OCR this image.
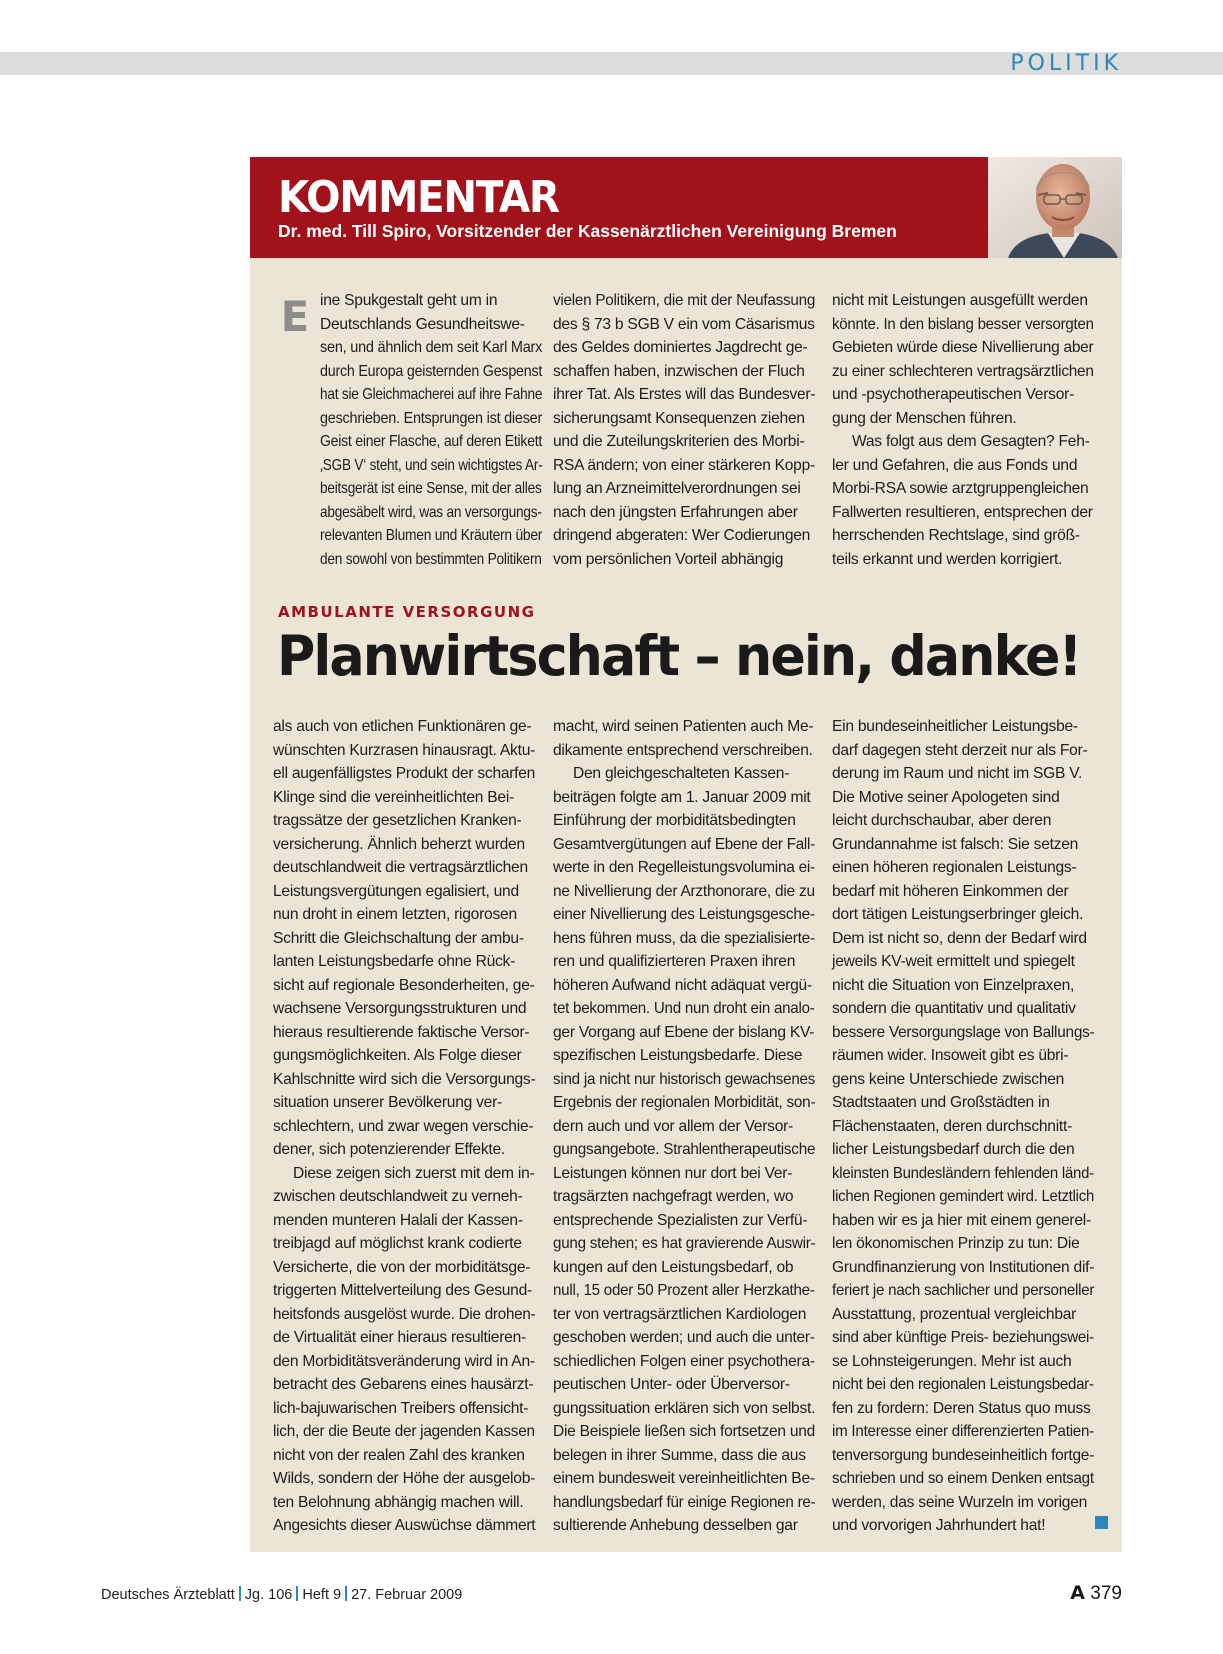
POLITIK
KOMMENTAR
Dr. med. Till Spiro, Vorsitzender der Kassenärztlichen Vereinigung Bremen
E ine Spukgestalt geht um in
Deutschlands Gesundheitswe-
sen, und ähnlich dem seit Karl Marx
durch Europa geisternden Gespenst
hat sie Gleichmacherei auf ihre Fahne
geschrieben. Entsprungen ist dieser
Geist einer Flasche, auf deren Etikett
‚SGB V‘ steht, und sein wichtigstes Ar-
beitsgerät ist eine Sense, mit der alles
abgesäbelt wird, was an versorgungs-
relevanten Blumen und Kräutern über
den sowohl von bestimmten Politikern
vielen Politikern, die mit der Neufassung
des § 73 b SGB V ein vom Cäsarismus
des Geldes dominiertes Jagdrecht ge-
schaffen haben, inzwischen der Fluch
ihrer Tat. Als Erstes will das Bundesver-
sicherungsamt Konsequenzen ziehen
und die Zuteilungskriterien des Morbi-
RSA ändern; von einer stärkeren Kopp-
lung an Arzneimittelverordnungen sei
nach den jüngsten Erfahrungen aber
dringend abgeraten: Wer Codierungen
vom persönlichen Vorteil abhängig
nicht mit Leistungen ausgefüllt werden
könnte. In den bislang besser versorgten
Gebieten würde diese Nivellierung aber
zu einer schlechteren vertragsärztlichen
und -psychotherapeutischen Versor-
gung der Menschen führen.
Was folgt aus dem Gesagten? Feh-
ler und Gefahren, die aus Fonds und
Morbi-RSA sowie arztgruppengleichen
Fallwerten resultieren, entsprechen der
herrschenden Rechtslage, sind größ-
teils erkannt und werden korrigiert.
AMBULANTE VERSORGUNG
Planwirtschaft – nein, danke!
als auch von etlichen Funktionären ge-
wünschten Kurzrasen hinausragt. Aktu-
ell augenfälligstes Produkt der scharfen
Klinge sind die vereinheitlichten Bei-
tragssätze der gesetzlichen Kranken-
versicherung. Ähnlich beherzt wurden
deutschlandweit die vertragsärztlichen
Leistungsvergütungen egalisiert, und
nun droht in einem letzten, rigorosen
Schritt die Gleichschaltung der ambu-
lanten Leistungsbedarfe ohne Rück-
sicht auf regionale Besonderheiten, ge-
wachsene Versorgungsstrukturen und
hieraus resultierende faktische Versor-
gungsmöglichkeiten. Als Folge dieser
Kahlschnitte wird sich die Versorgungs-
situation unserer Bevölkerung ver-
schlechtern, und zwar wegen verschie-
dener, sich potenzierender Effekte.
Diese zeigen sich zuerst mit dem in-
zwischen deutschlandweit zu verneh-
menden munteren Halali der Kassen-
treibjagd auf möglichst krank codierte
Versicherte, die von der morbiditätsge-
triggerten Mittelverteilung des Gesund-
heitsfonds ausgelöst wurde. Die drohen-
de Virtualität einer hieraus resultieren-
den Morbiditätsveränderung wird in An-
betracht des Gebarens eines hausärzt-
lich-bajuwarischen Treibers offensicht-
lich, der die Beute der jagenden Kassen
nicht von der realen Zahl des kranken
Wilds, sondern der Höhe der ausgelob-
ten Belohnung abhängig machen will.
Angesichts dieser Auswüchse dämmert
macht, wird seinen Patienten auch Me-
dikamente entsprechend verschreiben.
Den gleichgeschalteten Kassen-
beiträgen folgte am 1. Januar 2009 mit
Einführung der morbiditätsbedingten
Gesamtvergütungen auf Ebene der Fall-
werte in den Regelleistungsvolumina ei-
ne Nivellierung der Arzthonorare, die zu
einer Nivellierung des Leistungsgesche-
hens führen muss, da die spezialisierte-
ren und qualifizierteren Praxen ihren
höheren Aufwand nicht adäquat vergü-
tet bekommen. Und nun droht ein analo-
ger Vorgang auf Ebene der bislang KV-
spezifischen Leistungsbedarfe. Diese
sind ja nicht nur historisch gewachsenes
Ergebnis der regionalen Morbidität, son-
dern auch und vor allem der Versor-
gungsangebote. Strahlentherapeutische
Leistungen können nur dort bei Ver-
tragsärzten nachgefragt werden, wo
entsprechende Spezialisten zur Verfü-
gung stehen; es hat gravierende Auswir-
kungen auf den Leistungsbedarf, ob
null, 15 oder 50 Prozent aller Herzkathe-
ter von vertragsärztlichen Kardiologen
geschoben werden; und auch die unter-
schiedlichen Folgen einer psychothera-
peutischen Unter- oder Überversor-
gungssituation erklären sich von selbst.
Die Beispiele ließen sich fortsetzen und
belegen in ihrer Summe, dass die aus
einem bundesweit vereinheitlichten Be-
handlungsbedarf für einige Regionen re-
sultierende Anhebung desselben gar
Ein bundeseinheitlicher Leistungsbe-
darf dagegen steht derzeit nur als For-
derung im Raum und nicht im SGB V.
Die Motive seiner Apologeten sind
leicht durchschaubar, aber deren
Grundannahme ist falsch: Sie setzen
einen höheren regionalen Leistungs-
bedarf mit höheren Einkommen der
dort tätigen Leistungserbringer gleich.
Dem ist nicht so, denn der Bedarf wird
jeweils KV-weit ermittelt und spiegelt
nicht die Situation von Einzelpraxen,
sondern die quantitativ und qualitativ
bessere Versorgungslage von Ballungs-
räumen wider. Insoweit gibt es übri-
gens keine Unterschiede zwischen
Stadtstaaten und Großstädten in
Flächenstaaten, deren durchschnitt-
licher Leistungsbedarf durch die den
kleinsten Bundesländern fehlenden länd-
lichen Regionen gemindert wird. Letztlich
haben wir es ja hier mit einem generel-
len ökonomischen Prinzip zu tun: Die
Grundfinanzierung von Institutionen dif-
feriert je nach sachlicher und personeller
Ausstattung, prozentual vergleichbar
sind aber künftige Preis- beziehungswei-
se Lohnsteigerungen. Mehr ist auch
nicht bei den regionalen Leistungsbedar-
fen zu fordern: Deren Status quo muss
im Interesse einer differenzierten Patien-
tenversorgung bundeseinheitlich fortge-
schrieben und so einem Denken entsagt
werden, das seine Wurzeln im vorigen
und vorvorigen Jahrhundert hat!
Deutsches Ärzteblatt Jg. 106 Heft 9 27. Februar 2009	A 379
